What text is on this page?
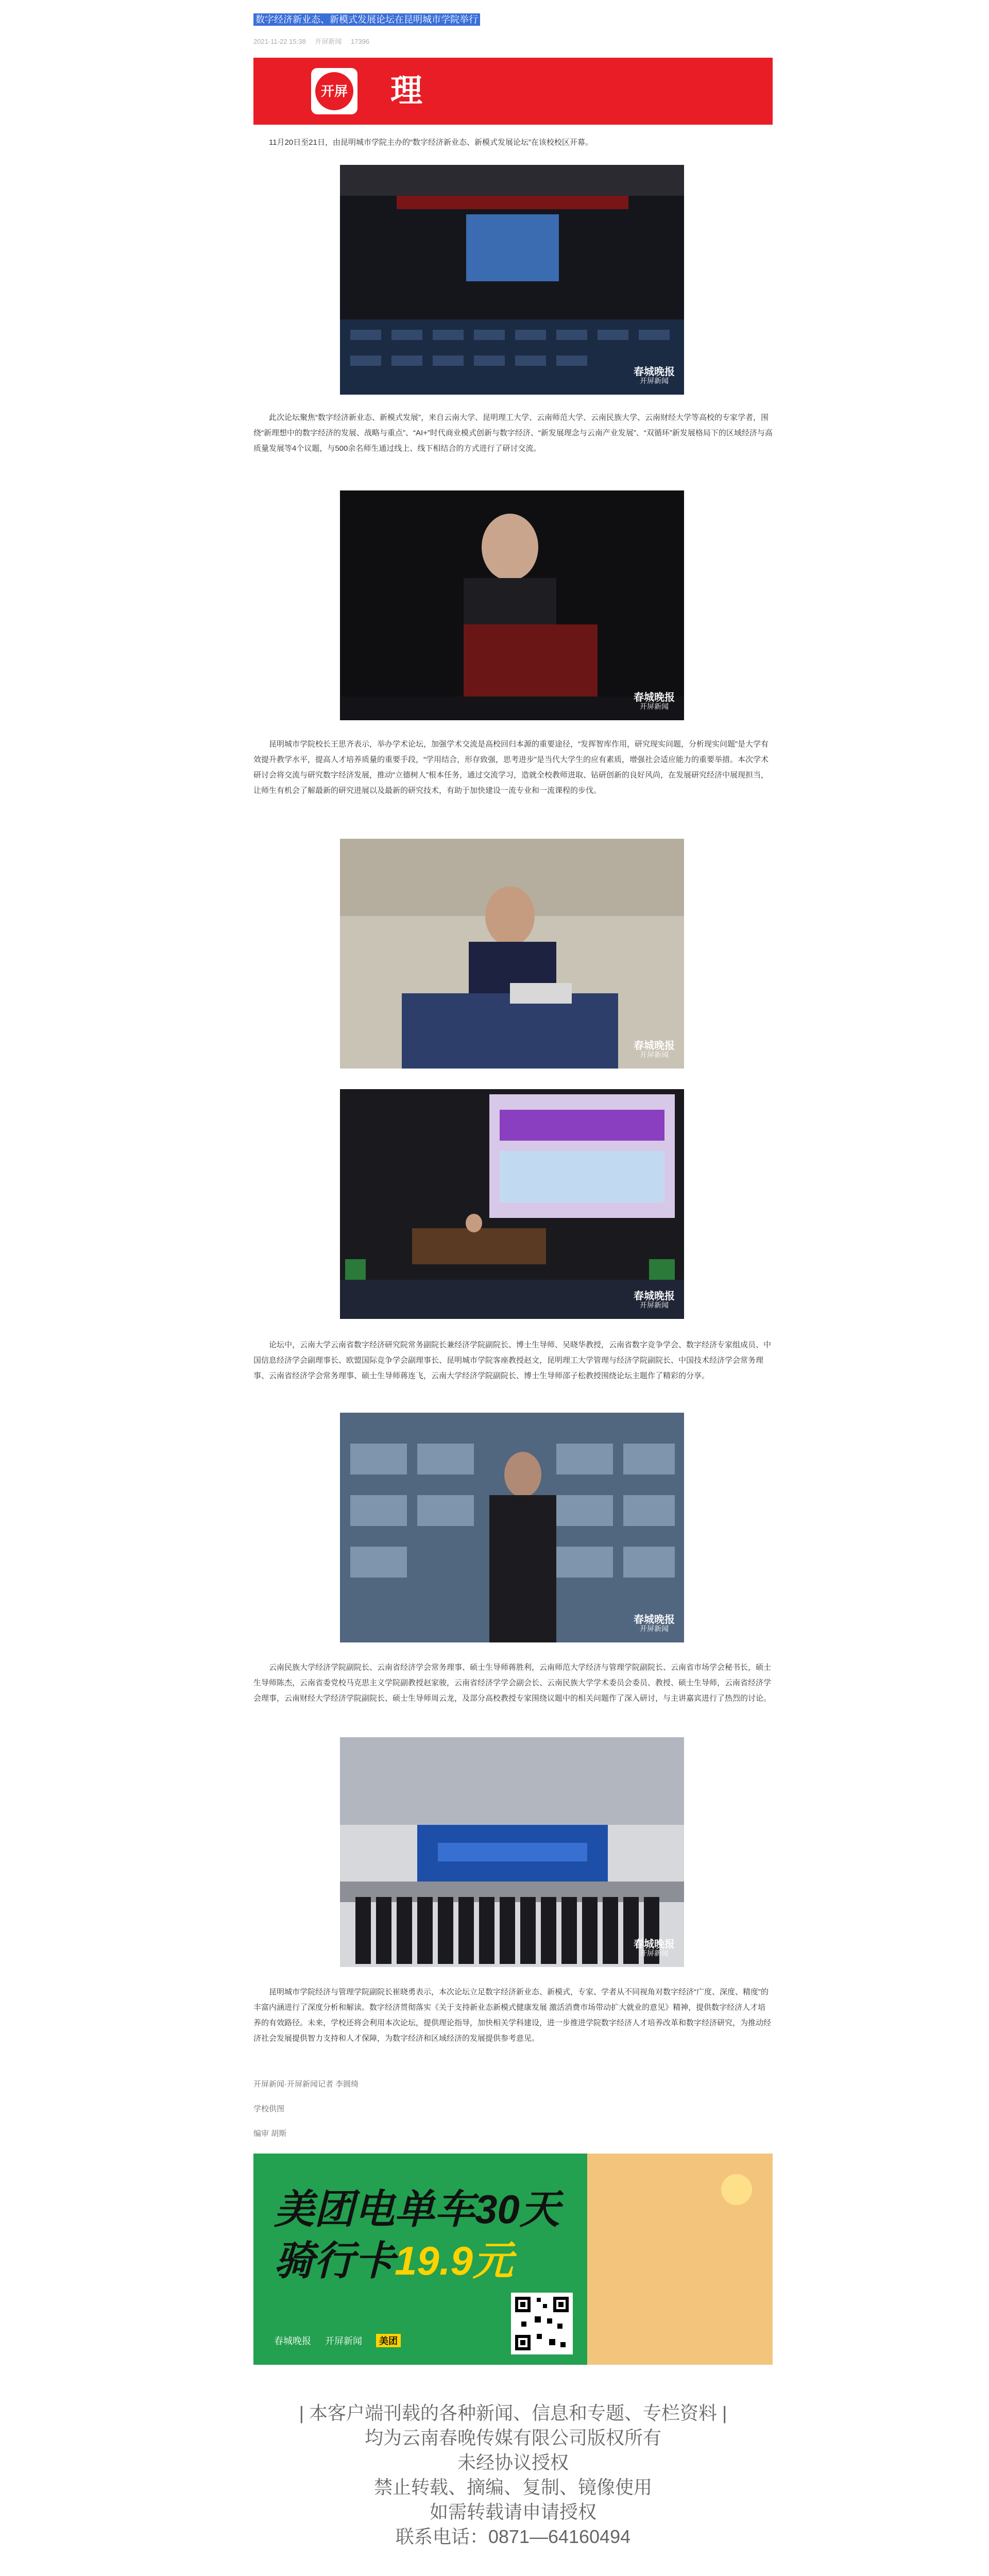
数字经济新业态、新模式发展论坛在昆明城市学院举行
2021-11-22 15:38 开屏新闻 17396
开屏 理

11月20日至21日，由昆明城市学院主办的“数字经济新业态、新模式发展论坛”在该校校区开幕。

春城晚报
开屏新闻

此次论坛聚焦“数字经济新业态、新模式发展”，来自云南大学、昆明理工大学、云南师范大学、云南民族大学、云南财经大学等高校的专家学者，围绕“新理想中的数字经济的发展、战略与重点”、“AI+”时代商业模式创新与数字经济、“新发展理念与云南产业发展”、“双循环”新发展格局下的区域经济与高质量发展等4个议题，与500余名师生通过线上、线下相结合的方式进行了研讨交流。

春城晚报
开屏新闻

昆明城市学院校长王思齐表示，举办学术论坛，加强学术交流是高校回归本源的重要途径，“发挥智库作用，研究现实问题，分析现实问题”是大学有效提升教学水平，提高人才培养质量的重要手段，“学用结合，形存致强，思考进步”是当代大学生的应有素质，增强社会适应能力的重要举措。本次学术研讨会将交流与研究数字经济发展，推动“立德树人”根本任务，通过交流学习，造就全校教师进取、钻研创新的良好风尚，在发展研究经济中展现担当，让师生有机会了解最新的研究进展以及最新的研究技术，有助于加快建设一流专业和一流课程的步伐。

春城晚报
开屏新闻
春城晚报
开屏新闻

论坛中，云南大学云南省数字经济研究院常务副院长兼经济学院副院长、博士生导师、吴晓华教授，云南省数字竞争学会、数字经济专家组成员、中国信息经济学会副理事长、欧盟国际竞争学会副理事长、昆明城市学院客座教授赵文，昆明理工大学管理与经济学院副院长、中国技术经济学会常务理事、云南省经济学会常务理事、硕士生导师蒋连飞，云南大学经济学院副院长、博士生导师邵子松教授围绕论坛主题作了精彩的分享。

春城晚报
开屏新闻

云南民族大学经济学院副院长、云南省经济学会常务理事、硕士生导师蒋胜利，云南师范大学经济与管理学院副院长、云南省市场学会秘书长，硕士生导师陈杰，云南省委党校马克思主义学院副教授赵家骏，云南省经济学学会副会长、云南民族大学学术委员会委员、教授、硕士生导师，云南省经济学会理事，云南财经大学经济学院副院长、硕士生导师周云龙，及部分高校教授专家围绕议题中的相关问题作了深入研讨，与主讲嘉宾进行了热烈的讨论。

春城晚报
开屏新闻

昆明城市学院经济与管理学院副院长崔晓勇表示，本次论坛立足数字经济新业态、新模式，专家、学者从不同视角对数字经济“广度、深度、精度”的丰富内涵进行了深度分析和解读。数字经济贯彻落实《关于支持新业态新模式健康发展 激活消费市场带动扩大就业的意见》精神，提供数字经济人才培养的有效路径。未来，学校还将会利用本次论坛，提供理论指导，加快相关学科建设，进一步推进学院数字经济人才培养改革和数字经济研究，为推动经济社会发展提供智力支持和人才保障，为数字经济和区域经济的发展提供参考意见。

开屏新闻·开屏新闻记者 李圆绮
学校供图
编审 胡斯
美团电单车30天
骑行卡19.9元
春城晚报 开屏新闻 美团
| 本客户端刊载的各种新闻、信息和专题、专栏资料 |
均为云南春晚传媒有限公司版权所有
未经协议授权
禁止转载、摘编、复制、镜像使用
如需转载请申请授权
联系电话：0871—64160494
